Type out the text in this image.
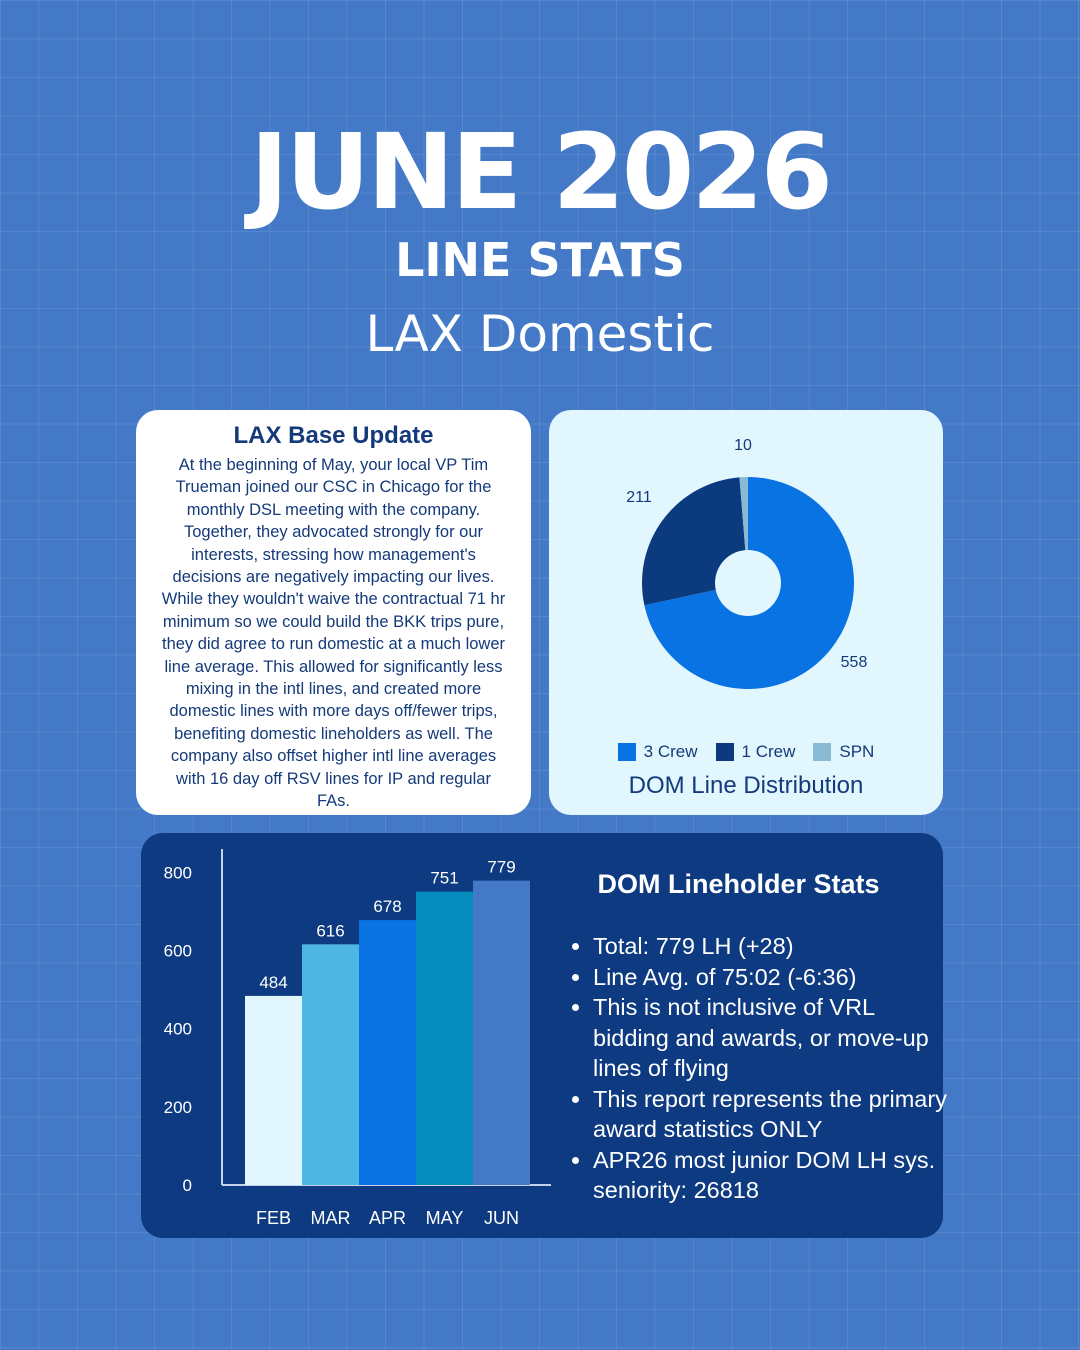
JUNE 2026
LINE STATS
LAX Domestic
LAX Base Update
At the beginning of May, your local VP Tim Trueman joined our CSC in Chicago for the monthly DSL meeting with the company. Together, they advocated strongly for our interests, stressing how management's decisions are negatively impacting our lives. While they wouldn't waive the contractual 71 hr minimum so we could build the BKK trips pure, they did agree to run domestic at a much lower line average. This allowed for significantly less mixing in the intl lines, and created more domestic lines with more days off/fewer trips, benefiting domestic lineholders as well. The company also offset higher intl line averages with 16 day off RSV lines for IP and regular FAs.
558
211
10
3 Crew	1 Crew	SPN
DOM Line Distribution
0
200
400
600
800
484
FEB
616
MAR
678
APR
751
MAY
779
JUN
DOM Lineholder Stats
• Total: 779 LH (+28)
• Line Avg. of 75:02 (-6:36)
• This is not inclusive of VRL bidding and awards, or move-up lines of flying
• This report represents the primary award statistics ONLY
• APR26 most junior DOM LH sys. seniority: 26818
